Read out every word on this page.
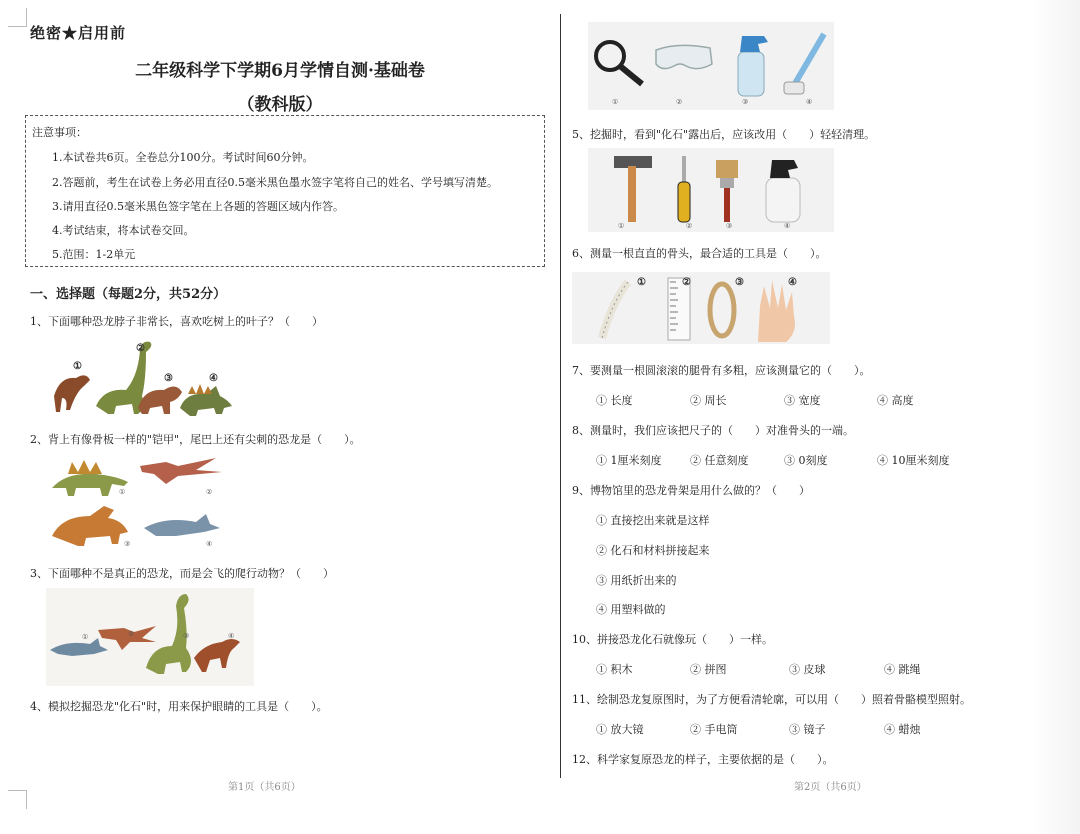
绝密★启用前
二年级科学下学期6月学情自测·基础卷
（教科版）
注意事项：
1.本试卷共6页。全卷总分100分。考试时间60分钟。
2.答题前，考生在试卷上务必用直径0.5毫米黑色墨水签字笔将自己的姓名、学号填写清楚。
3.请用直径0.5毫米黑色签字笔在上各题的答题区域内作答。
4.考试结束，将本试卷交回。
5.范围：1-2单元
一、选择题（每题2分，共52分）
1、下面哪种恐龙脖子非常长，喜欢吃树上的叶子？（　　）
①
②
③	④
2、背上有像骨板一样的"铠甲"，尾巴上还有尖刺的恐龙是（　　）。
①	②
③	④
3、下面哪种不是真正的恐龙，而是会飞的爬行动物？（　　）
①	②	③	④
4、模拟挖掘恐龙"化石"时，用来保护眼睛的工具是（　　）。
第1页（共6页）
①	②	③	④
5、挖掘时，看到"化石"露出后，应该改用（　　）轻轻清理。
①	②	③	④
6、测量一根直直的骨头，最合适的工具是（　　）。
①	②	③	④
7、要测量一根圆滚滚的腿骨有多粗，应该测量它的（　　）。
① 长度	② 周长	③ 宽度	④ 高度
8、测量时，我们应该把尺子的（　　）对准骨头的一端。
① 1厘米刻度	② 任意刻度	③ 0刻度	④ 10厘米刻度
9、博物馆里的恐龙骨架是用什么做的？（　　）
① 直接挖出来就是这样
② 化石和材料拼接起来
③ 用纸折出来的
④ 用塑料做的
10、拼接恐龙化石就像玩（　　）一样。
① 积木	② 拼图	③ 皮球	④ 跳绳
11、绘制恐龙复原图时，为了方便看清轮廓，可以用（　　）照着骨骼模型照射。
① 放大镜	② 手电筒	③ 镜子	④ 蜡烛
12、科学家复原恐龙的样子，主要依据的是（　　）。
第2页（共6页）
